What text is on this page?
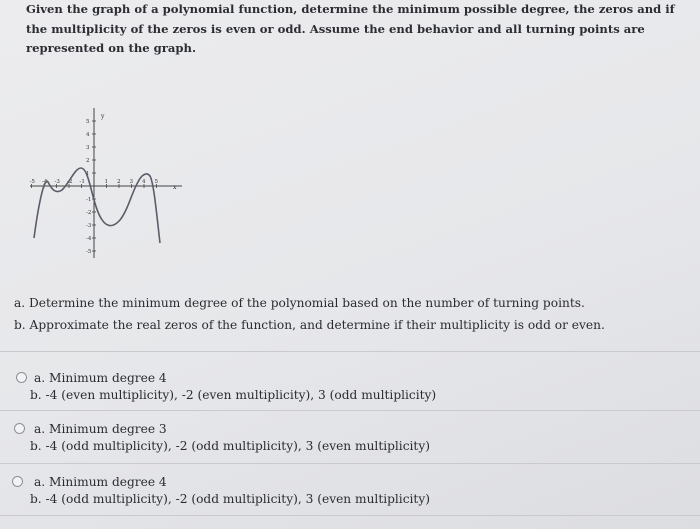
Given the graph of a polynomial function, determine the minimum possible degree, the zeros and if the multiplicity of the zeros is even or odd. Assume the end behavior and all turning points are represented on the graph.
y
x
-5 -4 -3 -2 -1	1 2 3 4 5
5
4
3
2
1
-1
-2
-3
-4
-5
a. Determine the minimum degree of the polynomial based on the number of turning points.
b. Approximate the real zeros of the function, and determine if their multiplicity is odd or even.
a. Minimum degree 4
b. -4 (even multiplicity), -2 (even multiplicity), 3 (odd multiplicity)
a. Minimum degree 3
b. -4 (odd multiplicity), -2 (odd multiplicity), 3 (even multiplicity)
a. Minimum degree 4
b. -4 (odd multiplicity), -2 (odd multiplicity), 3 (even multiplicity)
